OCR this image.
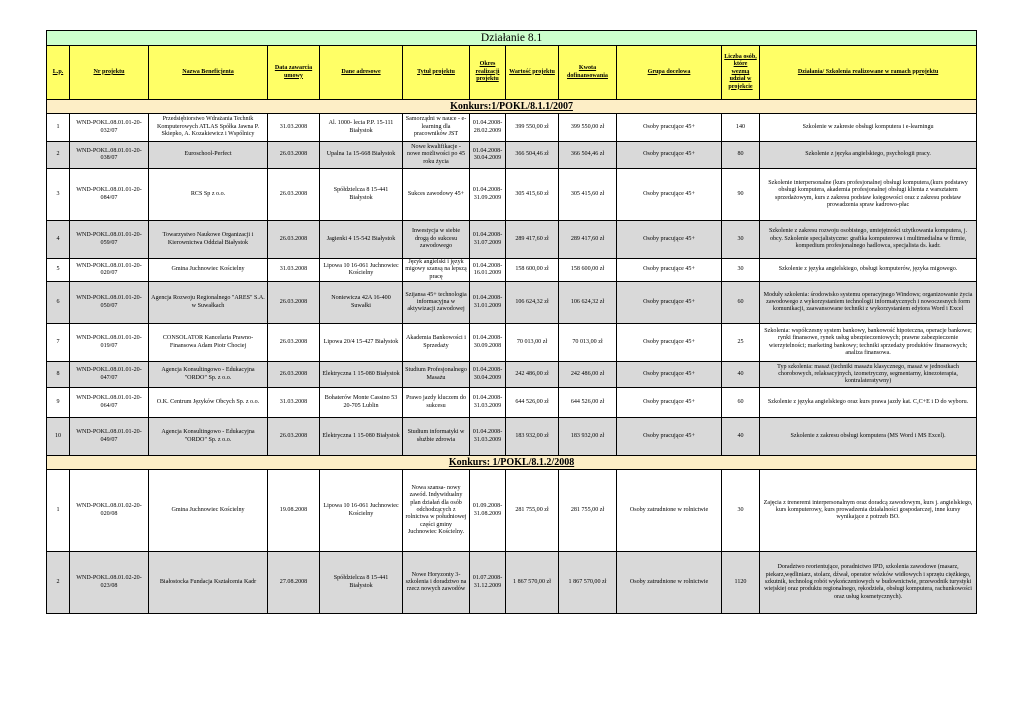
Działanie 8.1											
L.p.	Nr projektu	Nazwa Beneficjenta	Data zawarcia umowy	Dane adresowe	Tytuł projektu	Okres realizacji projektu	Wartość projektu	Kwota dofinansowania	Grupa docelowa	Liczba osób, które wezmą udział w projekcie	Działania/ Szkolenia realizowane w ramach pprojektu
Konkurs:1/POKL/8.1.1/2007											
1	WND-POKL.08.01.01-20-032/07	Przedsiębiorstwo Wdrażania Technik Komputerowych ATLAS Spółka Jawna P. Skiepko, A. Kozakiewicz i Wspólnicy	31.03.2008	Al. 1000- lecia P.P. 15-111 Białystok	Samorządni w nauce - e-learning dla pracowników JST	01.04.2008-28.02.2009	399 550,00 zł	399 550,00 zł	Osoby pracujące 45+	140	Szkolenie w zakresie obsługi komputera i e-learningu
2	WND-POKL.08.01.01-20-038/07	Euroschool-Perfect	26.03.2008	Upalna 1a 15-668 Białystok	Nowe kwalifikacje - nowe możliwości po 45 roku życia	01.04.2008-30.04.2009	366 504,46 zł	366 504,46 zł	Osoby pracujące 45+	80	Szkolenie z języka angielskiego, psychologii pracy.
3	WND-POKL.08.01.01-20-084/07	RCS Sp z o.o.	26.03.2008	Spółdzielcza 8 15-441 Białystok	Sukces zawodowy 45+	01.04.2008-31.09.2009	305 415,60 zł	305 415,60 zł	Osoby pracujące 45+	90	Szkolenie interpersonalne (kurs profesjonalnej obsługi komputera,(kurs podstawy obsługi komputera, akademia profesjonalnej obsługi klienta z warsztatem sprzedażowym, kurs z zakresu podstaw księgowości oraz z zakresu podstaw prowadzenia spraw kadrowo-płac
4	WND-POKL.08.01.01-20-059/07	Towarzystwo Naukowe Organizacji i Kierownictwa Oddział Białystok	26.03.2008	Jagienki 4 15-542 Białystok	Inwestycja w siebie drogą do sukcesu zawodowego	01.04.2008-31.07.2009	289 417,60 zł	289 417,60 zł	Osoby pracujące 45+	30	Szkolenie z zakresu rozwoju osobistego, umiejętności użytkowania komputera, j. obcy. Szkolenie specjalistyczne: grafika komputerowa i multimedialna w firmie, kompedium profesjonalnego hadlowca, specjalista ds. kadr.
5	WND-POKL.08.01.01-20-020/07	Gmina Juchnowiec Kościelny	31.03.2008	Lipowa 10 16-061 Juchnowiec Kościelny	Język angielski i język migowy szansą na lepszą pracę	01.04.2008-16.01.2009	158 600,00 zł	158 600,00 zł	Osoby pracujące 45+	30	Szkolenie z języka angielskiego, obsługi komputerów, języka migowego.
6	WND-POKL.08.01.01-20-050/07	Agencja Rozwoju Regionalnego "ARES" S.A. w Suwałkach	26.03.2008	Noniewicza 42A 16-400 Suwałki	Szijansa 45+ technologia informacyjna w aktywizacji zawodowej	01.04.2008-31.01.2009	106 624,32 zł	106 624,32 zł	Osoby pracujące 45+	60	Moduły szkolenia: środowisko systemu operacyjnego Windows; organizowanie życia zawodowego z wykorzystaniem technologii informatycznych i nowoczesnych form komunikacji, zaawansowane techniki z wykorzystaniem edytora Word i Excel
7	WND-POKL.08.01.01-20-019/07	CONSOLATOR Kancelaria Prawno-Finansowa Adam Piotr Chociej	26.03.2008	Lipowa 20/4 15-427 Białystok	Akademia Bankowości i Sprzedaży	01.04.2008-30.09.2008	70 013,00 zł	70 013,00 zł	Osoby pracujące 45+	25	Szkolenia: współczesny system bankowy, bankowość hipoteczna, operacje bankowe; rynki finansowe, rynek usług ubezpieczeniowych; prawne zabezpieczenie wierzytelności; marketing bankowy; techniki sprzedaży produktów finansowych; analiza finansowa.
8	WND-POKL.08.01.01-20-047/07	Agencja Konsultingowo - Edukacyjna "ORDO" Sp. z o.o.	26.03.2008	Elektryczna 1 15-080 Białystok	Studium Profesjonalnego Masażu	01.04.2008-30.04.2009	242 486,00 zł	242 486,00 zł	Osoby pracujące 45+	40	Typ szkolenia: masaż (techniki masażu klasycznego, masaż w jednostkach chorobowych, relaksacyjnych, izometryczny, segmentarny, kinezoterapia, kontralateratywny)
9	WND-POKL.08.01.01-20-064/07	O.K. Centrum Języków Obcych Sp. z o.o.	31.03.2008	Bohaterów Monte Cassino 53 20-705 Lublin	Prawo jazdy kluczem do sukcesu	01.04.2008-31.03.2009	644 526,00 zł	644 526,00 zł	Osoby pracujące 45+	60	Szkolenie z języka angielskiego oraz kurs prawa jazdy kat. C,C+E i D do wyboru.
10	WND-POKL.08.01.01-20-049/07	Agencja Konsultingowo - Edukacyjna "ORDO" Sp. z o.o.	26.03.2008	Elektryczna 1 15-080 Białystok	Studium informatyki w służbie zdrowia	01.04.2008-31.03.2009	183 932,00 zł	183 932,00 zł	Osoby pracujące 45+	40	Szkolenie z zakresu obsługi komputera (MS Word i MS Excel).
Konkurs: 1/POKL/8.1.2/2008											
1	WND-POKL.08.01.02-20-020/08	Gmina Juchnowiec Kościelny	19.08.2008	Lipowa 10 16-061 Juchnowiec Kościelny	Nowa szansa- nowy zawód. Indywidualny plan działań dla osób odchodzących z rolnictwa w południowej części gminy Juchnowiec Kościelny.	01.09.2008-31.08.2009	281 755,00 zł	281 755,00 zł	Osoby zatrudnione w rolnictwie	30	Zajęcia z treneremi interpersonalnym oraz doradcą zawodowym, kurs j. angielskiego, kurs komputerowy, kurs prowadzenia działalności gospodarczej, inne kursy wynikające z potrzeb BO.
2	WND-POKL.08.01.02-20-023/08	Białostocka Fundacja Kształcenia Kadr	27.08.2008	Spółdzielcza 8 15-441 Białystok	Nowe Horyzonty 3- szkolenia i doradztwo na rzecz nowych zawodów	01.07.2008-31.12.2009	1 867 570,00 zł	1 867 570,00 zł	Osoby zatrudnione w rolnictwie	1120	Doradztwo reorientujące, poradnictwo IPD, szkolenia zawodowe (masarz, piekarz,wędliniarz, stolarz, dźwał, operator wózków widłowych i sprzętu ciężkiego, szkutnik, technolog robót wykończeniowych w budownictwie, przewodnik turystyki wiejskiej oraz produktu regionalnego, rękodzieła, obsługi komputera, rachunkowości oraz usług kosmetycznych).
